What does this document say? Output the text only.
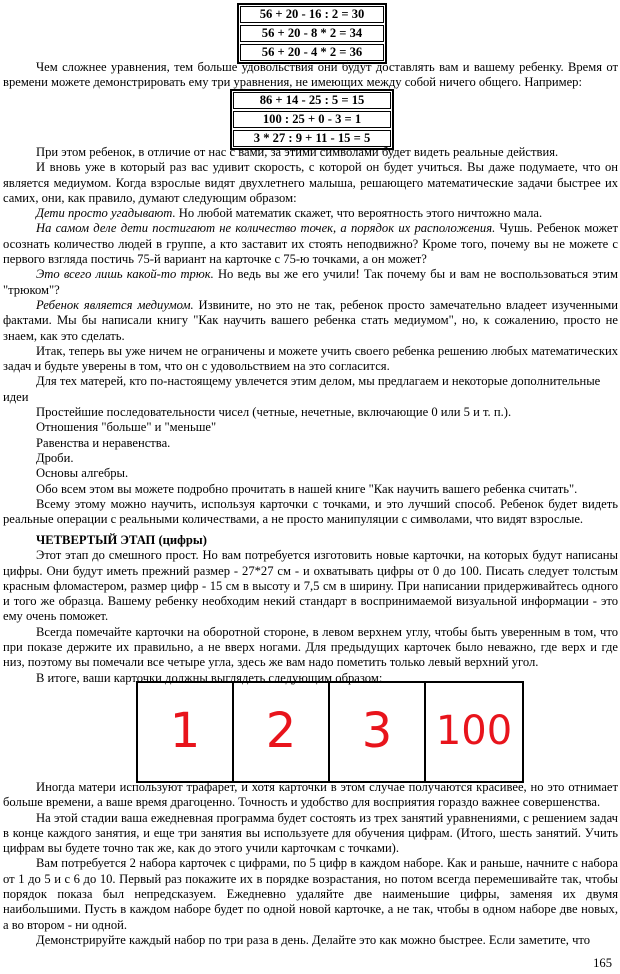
56 + 20 - 16 : 2 = 30
56 + 20 - 8 * 2 = 34
56 + 20 - 4 * 2 = 36

Чем сложнее уравнения, тем больше удовольствия они будут доставлять вам и вашему ребенку. Время от времени можете демонстрировать ему три уравнения, не имеющих между собой ничего общего. Например:

86 + 14 - 25 : 5 = 15
100 : 25 + 0 - 3 = 1
3 * 27 : 9 + 11 - 15 = 5

При этом ребенок, в отличие от нас с вами, за этими символами будет видеть реальные действия.

И вновь уже в который раз вас удивит скорость, с которой он будет учиться. Вы даже подумаете, что он является медиумом. Когда взрослые видят двухлетнего малыша, решающего математические задачи быстрее их самих, они, как правило, думают следующим образом:

Дети просто угадывают. Но любой математик скажет, что вероятность этого ничтожно мала.

На самом деле дети постигают не количество точек, а порядок их расположения. Чушь. Ребенок может осознать количество людей в группе, а кто заставит их стоять неподвижно? Кроме того, почему вы не можете с первого взгляда постичь 75-й вариант на карточке с 75-ю точками, а он может?

Это всего лишь какой-то трюк. Но ведь вы же его учили! Так почему бы и вам не воспользоваться этим "трюком"?

Ребенок является медиумом. Извините, но это не так, ребенок просто замечательно владеет изученными фактами. Мы бы написали книгу "Как научить вашего ребенка стать медиумом", но, к сожалению, просто не знаем, как это сделать.

Итак, теперь вы уже ничем не ограничены и можете учить своего ребенка решению любых математических задач и будьте уверены в том, что он с удовольствием на это согласится.

Для тех матерей, кто по-настоящему увлечется этим делом, мы предлагаем и некоторые дополнительные идеи

Простейшие последовательности чисел (четные, нечетные, включающие 0 или 5 и т. п.).

Отношения "больше" и "меньше"

Равенства и неравенства.

Дроби.

Основы алгебры.

Обо всем этом вы можете подробно прочитать в нашей книге "Как научить вашего ребенка считать".

Всему этому можно научить, используя карточки с точками, и это лучший способ. Ребенок будет видеть реальные операции с реальными количествами, а не просто манипуляции с символами, что видят взрослые.

ЧЕТВЕРТЫЙ ЭТАП (цифры)

Этот этап до смешного прост. Но вам потребуется изготовить новые карточки, на которых будут написаны цифры. Они будут иметь прежний размер - 27*27 см - и охватывать цифры от 0 до 100. Писать следует толстым красным фломастером, размер цифр - 15 см в высоту и 7,5 см в ширину. При написании придерживайтесь одного и того же образца. Вашему ребенку необходим некий стандарт в воспринимаемой визуальной информации - это ему очень поможет.

Всегда помечайте карточки на оборотной стороне, в левом верхнем углу, чтобы быть уверенным в том, что при показе держите их правильно, а не вверх ногами. Для предыдущих карточек было неважно, где верх и где низ, поэтому вы помечали все четыре угла, здесь же вам надо пометить только левый верхний угол.

В итоге, ваши карточки должны выглядеть следующим образом:

1	2	3	100

Иногда матери используют трафарет, и хотя карточки в этом случае получаются красивее, но это отнимает больше времени, а ваше время драгоценно. Точность и удобство для восприятия гораздо важнее совершенства.

На этой стадии ваша ежедневная программа будет состоять из трех занятий уравнениями, с решением задач в конце каждого занятия, и еще три занятия вы используете для обучения цифрам. (Итого, шесть занятий. Учить цифрам вы будете точно так же, как до этого учили карточкам с точками).

Вам потребуется 2 набора карточек с цифрами, по 5 цифр в каждом наборе. Как и раньше, начните с набора от 1 до 5 и с 6 до 10. Первый раз покажите их в порядке возрастания, но потом всегда перемешивайте так, чтобы порядок показа был непредсказуем. Ежедневно удаляйте две наименьшие цифры, заменяя их двумя наибольшими. Пусть в каждом наборе будет по одной новой карточке, а не так, чтобы в одном наборе две новых, а во втором - ни одной.

Демонстрируйте каждый набор по три раза в день. Делайте это как можно быстрее. Если заметите, что

165
